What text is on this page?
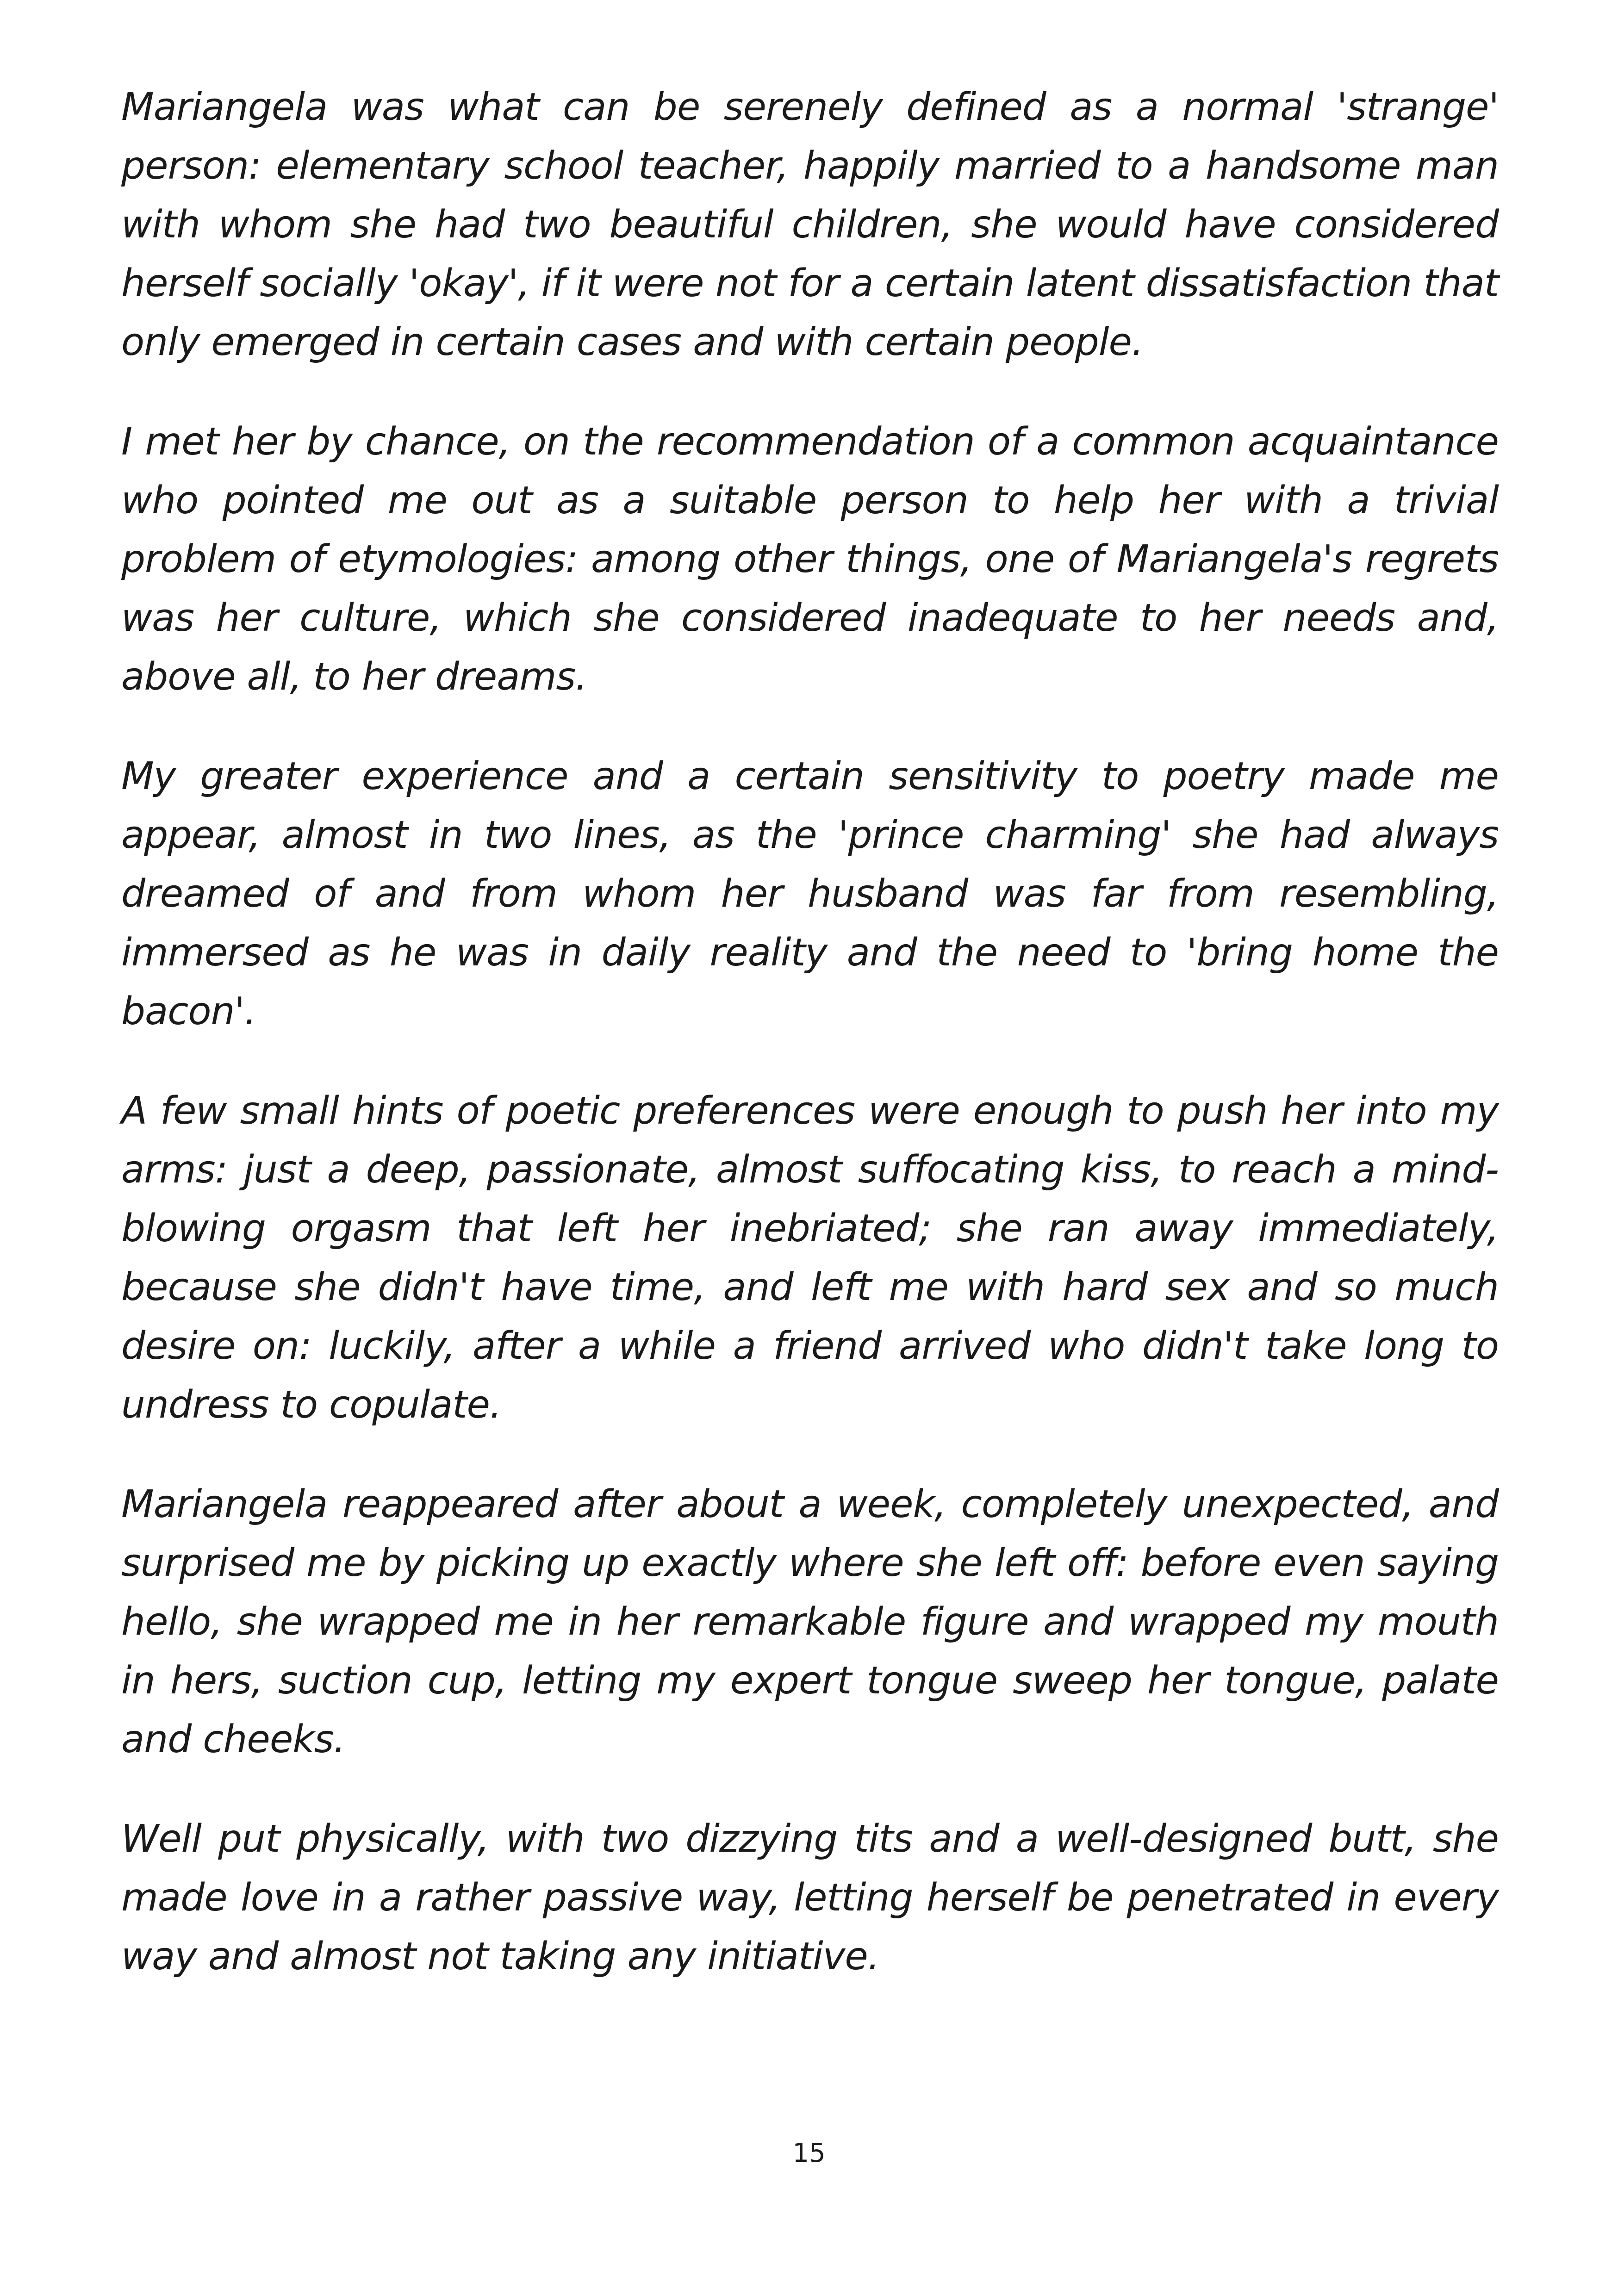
Mariangela was what can be serenely defined as a normal 'strange' person: elementary school teacher, happily married to a handsome man with whom she had two beautiful children, she would have considered herself socially 'okay', if it were not for a certain latent dissatisfaction that only emerged in certain cases and with certain people.

I met her by chance, on the recommendation of a common acquaintance who pointed me out as a suitable person to help her with a trivial problem of etymologies: among other things, one of Mariangela's regrets was her culture, which she considered inadequate to her needs and, above all, to her dreams.

My greater experience and a certain sensitivity to poetry made me appear, almost in two lines, as the 'prince charming' she had always dreamed of and from whom her husband was far from resembling, immersed as he was in daily reality and the need to 'bring home the bacon'.

A few small hints of poetic preferences were enough to push her into my arms: just a deep, passionate, almost suffocating kiss, to reach a mind-blowing orgasm that left her inebriated; she ran away immediately, because she didn't have time, and left me with hard sex and so much desire on: luckily, after a while a friend arrived who didn't take long to undress to copulate.

Mariangela reappeared after about a week, completely unexpected, and surprised me by picking up exactly where she left off: before even saying hello, she wrapped me in her remarkable figure and wrapped my mouth in hers, suction cup, letting my expert tongue sweep her tongue, palate and cheeks.

Well put physically, with two dizzying tits and a well-designed butt, she made love in a rather passive way, letting herself be penetrated in every way and almost not taking any initiative.

15
